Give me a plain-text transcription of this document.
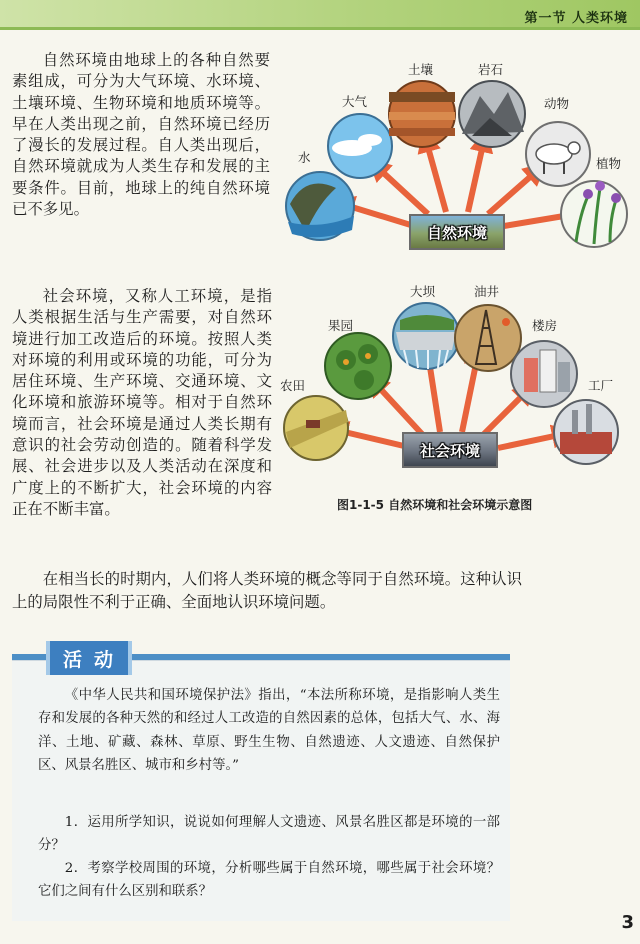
第一节 人类环境

自然环境由地球上的各种自然要素组成，可分为大气环境、水环境、土壤环境、生物环境和地质环境等。早在人类出现之前，自然环境已经历了漫长的发展过程。自人类出现后，自然环境就成为人类生存和发展的主要条件。目前，地球上的纯自然环境已不多见。

社会环境，又称人工环境，是指人类根据生活与生产需要，对自然环境进行加工改造后的环境。按照人类对环境的利用或环境的功能，可分为居住环境、生产环境、交通环境、文化环境和旅游环境等。相对于自然环境而言，社会环境是通过人类长期有意识的社会劳动创造的。随着科学发展、社会进步以及人类活动在深度和广度上的不断扩大，社会环境的内容正在不断丰富。

在相当长的时期内，人们将人类环境的概念等同于自然环境。这种认识上的局限性不利于正确、全面地认识环境问题。

水
大气
土壤	岩石
动物
植物
自然环境
农田
果园
大坝	油井
楼房
工厂
社会环境
图1-1-5 自然环境和社会环境示意图
活动

《中华人民共和国环境保护法》指出，“本法所称环境，是指影响人类生存和发展的各种天然的和经过人工改造的自然因素的总体，包括大气、水、海洋、土地、矿藏、森林、草原、野生生物、自然遗迹、人文遗迹、自然保护区、风景名胜区、城市和乡村等。”

1．运用所学知识，说说如何理解人文遗迹、风景名胜区都是环境的一部分？

2．考察学校周围的环境，分析哪些属于自然环境，哪些属于社会环境？它们之间有什么区别和联系？

3
